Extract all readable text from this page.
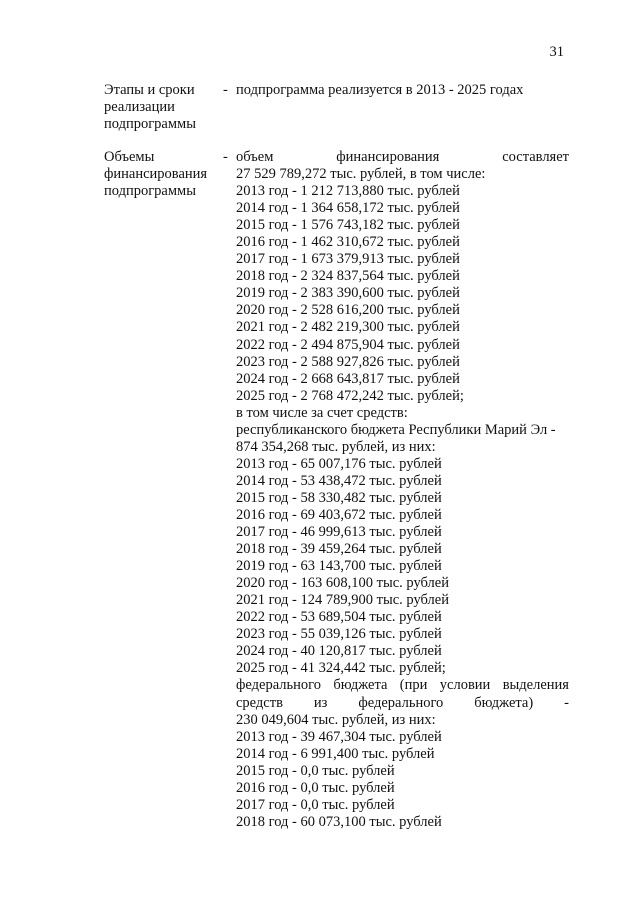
31
Этапы и сроки
реализации
подпрограммы
- подпрограмма реализуется в 2013 - 2025 годах
Объемы
финансирования
подпрограммы
- объем	финансирования	составляет
27 529 789,272 тыс. рублей, в том числе:
2013 год - 1 212 713,880 тыс. рублей
2014 год - 1 364 658,172 тыс. рублей
2015 год - 1 576 743,182 тыс. рублей
2016 год - 1 462 310,672 тыс. рублей
2017 год - 1 673 379,913 тыс. рублей
2018 год - 2 324 837,564 тыс. рублей
2019 год - 2 383 390,600 тыс. рублей
2020 год - 2 528 616,200 тыс. рублей
2021 год - 2 482 219,300 тыс. рублей
2022 год - 2 494 875,904 тыс. рублей
2023 год - 2 588 927,826 тыс. рублей
2024 год - 2 668 643,817 тыс. рублей
2025 год - 2 768 472,242 тыс. рублей;
в том числе за счет средств:
республиканского бюджета Республики Марий Эл -
874 354,268 тыс. рублей, из них:
2013 год - 65 007,176 тыс. рублей
2014 год - 53 438,472 тыс. рублей
2015 год - 58 330,482 тыс. рублей
2016 год - 69 403,672 тыс. рублей
2017 год - 46 999,613 тыс. рублей
2018 год - 39 459,264 тыс. рублей
2019 год - 63 143,700 тыс. рублей
2020 год - 163 608,100 тыс. рублей
2021 год - 124 789,900 тыс. рублей
2022 год - 53 689,504 тыс. рублей
2023 год - 55 039,126 тыс. рублей
2024 год - 40 120,817 тыс. рублей
2025 год - 41 324,442 тыс. рублей;
федерального бюджета (при условии выделения
средств из федерального бюджета) -
230 049,604 тыс. рублей, из них:
2013 год - 39 467,304 тыс. рублей
2014 год - 6 991,400 тыс. рублей
2015 год - 0,0 тыс. рублей
2016 год - 0,0 тыс. рублей
2017 год - 0,0 тыс. рублей
2018 год - 60 073,100 тыс. рублей
